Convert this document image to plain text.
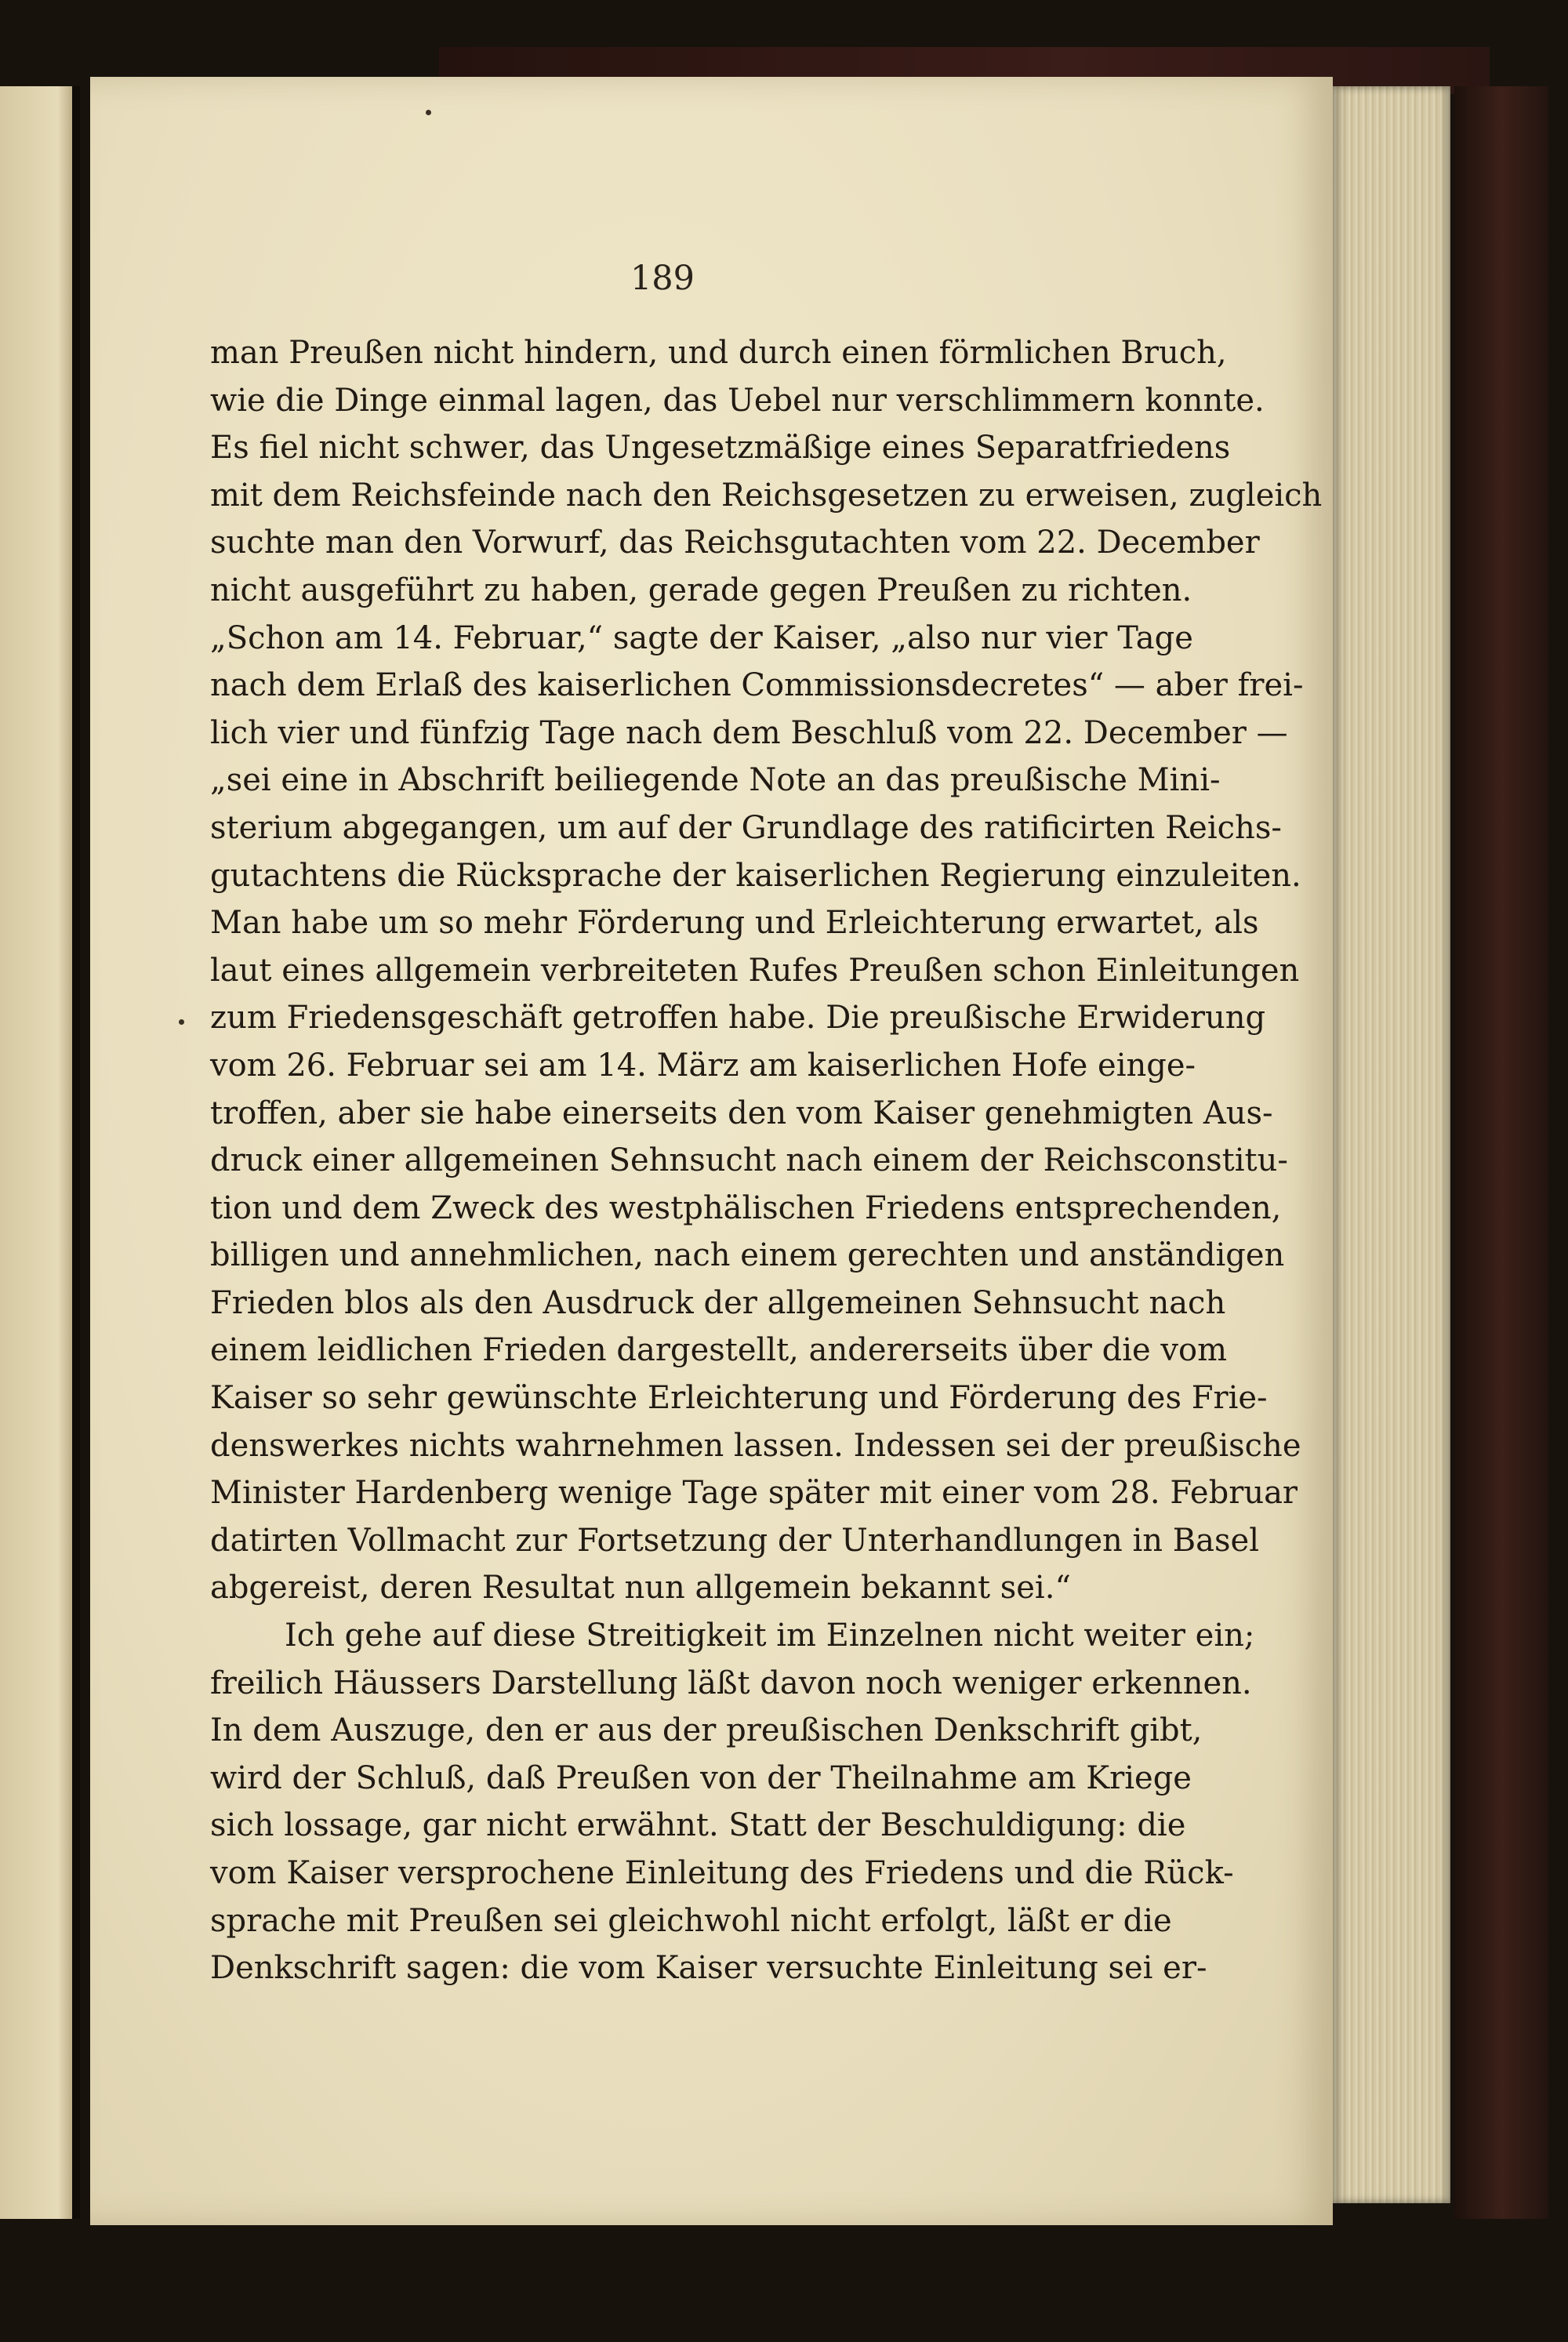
189
man Preußen nicht hindern, und durch einen förmlichen Bruch,
wie die Dinge einmal lagen, das Uebel nur verschlimmern konnte.
Es fiel nicht schwer, das Ungesetzmäßige eines Separatfriedens
mit dem Reichsfeinde nach den Reichsgesetzen zu erweisen, zugleich
suchte man den Vorwurf, das Reichsgutachten vom 22. December
nicht ausgeführt zu haben, gerade gegen Preußen zu richten.
„Schon am 14. Februar,“ sagte der Kaiser, „also nur vier Tage
nach dem Erlaß des kaiserlichen Commissionsdecretes“ — aber frei-
lich vier und fünfzig Tage nach dem Beschluß vom 22. December —
„sei eine in Abschrift beiliegende Note an das preußische Mini-
sterium abgegangen, um auf der Grundlage des ratificirten Reichs-
gutachtens die Rücksprache der kaiserlichen Regierung einzuleiten.
Man habe um so mehr Förderung und Erleichterung erwartet, als
laut eines allgemein verbreiteten Rufes Preußen schon Einleitungen
zum Friedensgeschäft getroffen habe. Die preußische Erwiderung
vom 26. Februar sei am 14. März am kaiserlichen Hofe einge-
troffen, aber sie habe einerseits den vom Kaiser genehmigten Aus-
druck einer allgemeinen Sehnsucht nach einem der Reichsconstitu-
tion und dem Zweck des westphälischen Friedens entsprechenden,
billigen und annehmlichen, nach einem gerechten und anständigen
Frieden blos als den Ausdruck der allgemeinen Sehnsucht nach
einem leidlichen Frieden dargestellt, andererseits über die vom
Kaiser so sehr gewünschte Erleichterung und Förderung des Frie-
denswerkes nichts wahrnehmen lassen. Indessen sei der preußische
Minister Hardenberg wenige Tage später mit einer vom 28. Februar
datirten Vollmacht zur Fortsetzung der Unterhandlungen in Basel
abgereist, deren Resultat nun allgemein bekannt sei.“
Ich gehe auf diese Streitigkeit im Einzelnen nicht weiter ein;
freilich Häussers Darstellung läßt davon noch weniger erkennen.
In dem Auszuge, den er aus der preußischen Denkschrift gibt,
wird der Schluß, daß Preußen von der Theilnahme am Kriege
sich lossage, gar nicht erwähnt. Statt der Beschuldigung: die
vom Kaiser versprochene Einleitung des Friedens und die Rück-
sprache mit Preußen sei gleichwohl nicht erfolgt, läßt er die
Denkschrift sagen: die vom Kaiser versuchte Einleitung sei er-
